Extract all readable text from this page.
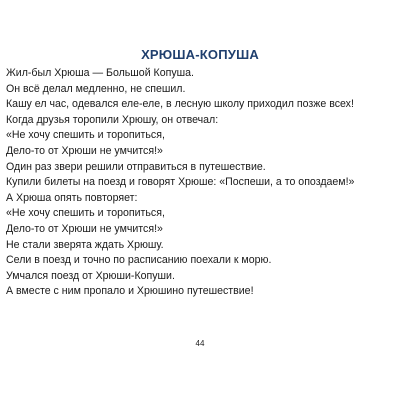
ХРЮША-КОПУША
Жил-был Хрюша — Большой Копуша.
Он всё делал медленно, не спешил.
Кашу ел час, одевался еле-еле, в лесную школу приходил позже всех!
Когда друзья торопили Хрюшу, он отвечал:
«Не хочу спешить и торопиться,
Дело-то от Хрюши не умчится!»
Один раз звери решили отправиться в путешествие.
Купили билеты на поезд и говорят Хрюше: «Поспеши, а то опоздаем!»
А Хрюша опять повторяет:
«Не хочу спешить и торопиться,
Дело-то от Хрюши не умчится!»
Не стали зверята ждать Хрюшу.
Сели в поезд и точно по расписанию поехали к морю.
Умчался поезд от Хрюши-Копуши.
А вместе с ним пропало и Хрюшино путешествие!
44
